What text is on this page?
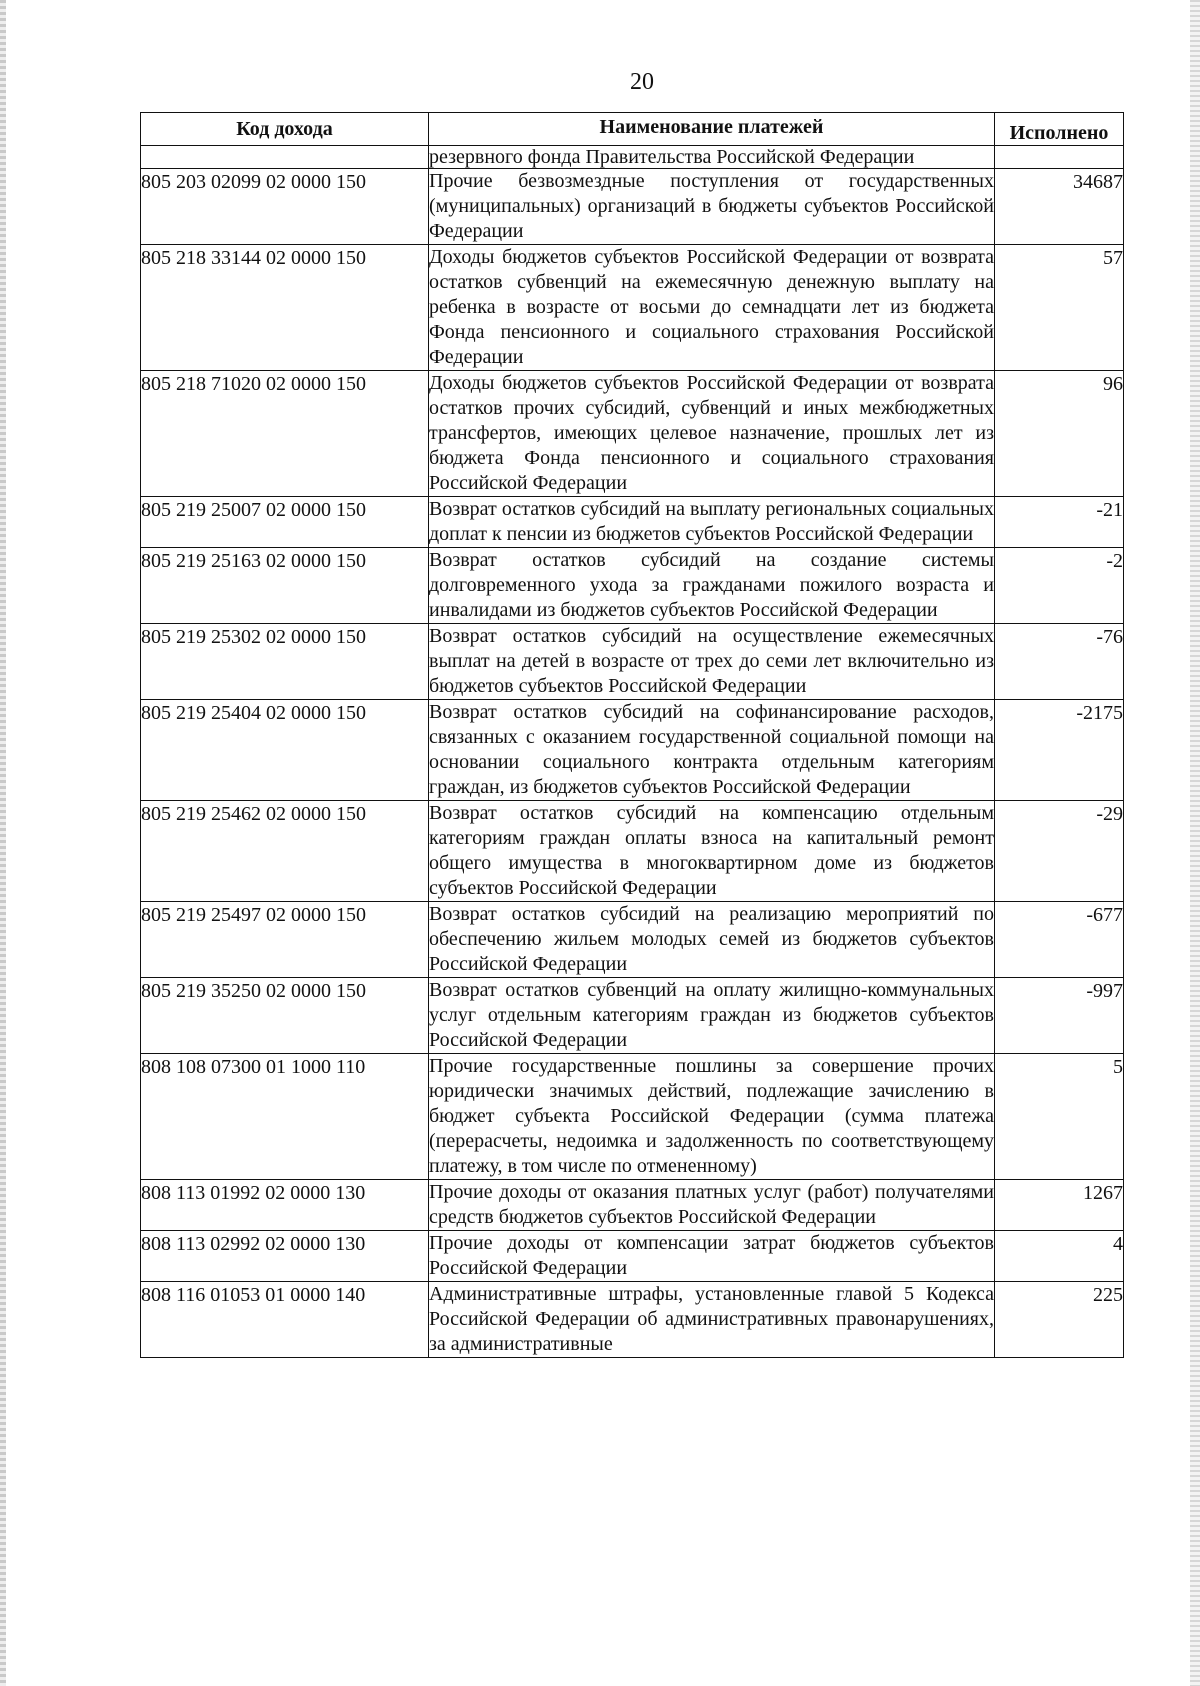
20
Код дохода	Наименование платежей	Исполнено
	резервного фонда Правительства Российской Федерации	
805 203 02099 02 0000 150	Прочие безвозмездные поступления от государственных (муниципальных) организаций в бюджеты субъектов Российской Федерации	34687
805 218 33144 02 0000 150	Доходы бюджетов субъектов Российской Федерации от возврата остатков субвенций на ежемесячную денежную выплату на ребенка в возрасте от восьми до семнадцати лет из бюджета Фонда пенсионного и социального страхования Российской Федерации	57
805 218 71020 02 0000 150	Доходы бюджетов субъектов Российской Федерации от возврата остатков прочих субсидий, субвенций и иных межбюджетных трансфертов, имеющих целевое назначение, прошлых лет из бюджета Фонда пенсионного и социального страхования Российской Федерации	96
805 219 25007 02 0000 150	Возврат остатков субсидий на выплату региональных социальных доплат к пенсии из бюджетов субъектов Российской Федерации	-21
805 219 25163 02 0000 150	Возврат остатков субсидий на создание системы долговременного ухода за гражданами пожилого возраста и инвалидами из бюджетов субъектов Российской Федерации	-2
805 219 25302 02 0000 150	Возврат остатков субсидий на осуществление ежемесячных выплат на детей в возрасте от трех до семи лет включительно из бюджетов субъектов Российской Федерации	-76
805 219 25404 02 0000 150	Возврат остатков субсидий на софинансирование расходов, связанных с оказанием государственной социальной помощи на основании социального контракта отдельным категориям граждан, из бюджетов субъектов Российской Федерации	-2175
805 219 25462 02 0000 150	Возврат остатков субсидий на компенсацию отдельным категориям граждан оплаты взноса на капитальный ремонт общего имущества в многоквартирном доме из бюджетов субъектов Российской Федерации	-29
805 219 25497 02 0000 150	Возврат остатков субсидий на реализацию мероприятий по обеспечению жильем молодых семей из бюджетов субъектов Российской Федерации	-677
805 219 35250 02 0000 150	Возврат остатков субвенций на оплату жилищно-коммунальных услуг отдельным категориям граждан из бюджетов субъектов Российской Федерации	-997
808 108 07300 01 1000 110	Прочие государственные пошлины за совершение прочих юридически значимых действий, подлежащие зачислению в бюджет субъекта Российской Федерации (сумма платежа (перерасчеты, недоимка и задолженность по соответствующему платежу, в том числе по отмененному)	5
808 113 01992 02 0000 130	Прочие доходы от оказания платных услуг (работ) получателями средств бюджетов субъектов Российской Федерации	1267
808 113 02992 02 0000 130	Прочие доходы от компенсации затрат бюджетов субъектов Российской Федерации	4
808 116 01053 01 0000 140	Административные штрафы, установленные главой 5 Кодекса Российской Федерации об административных правонарушениях, за административные	225
